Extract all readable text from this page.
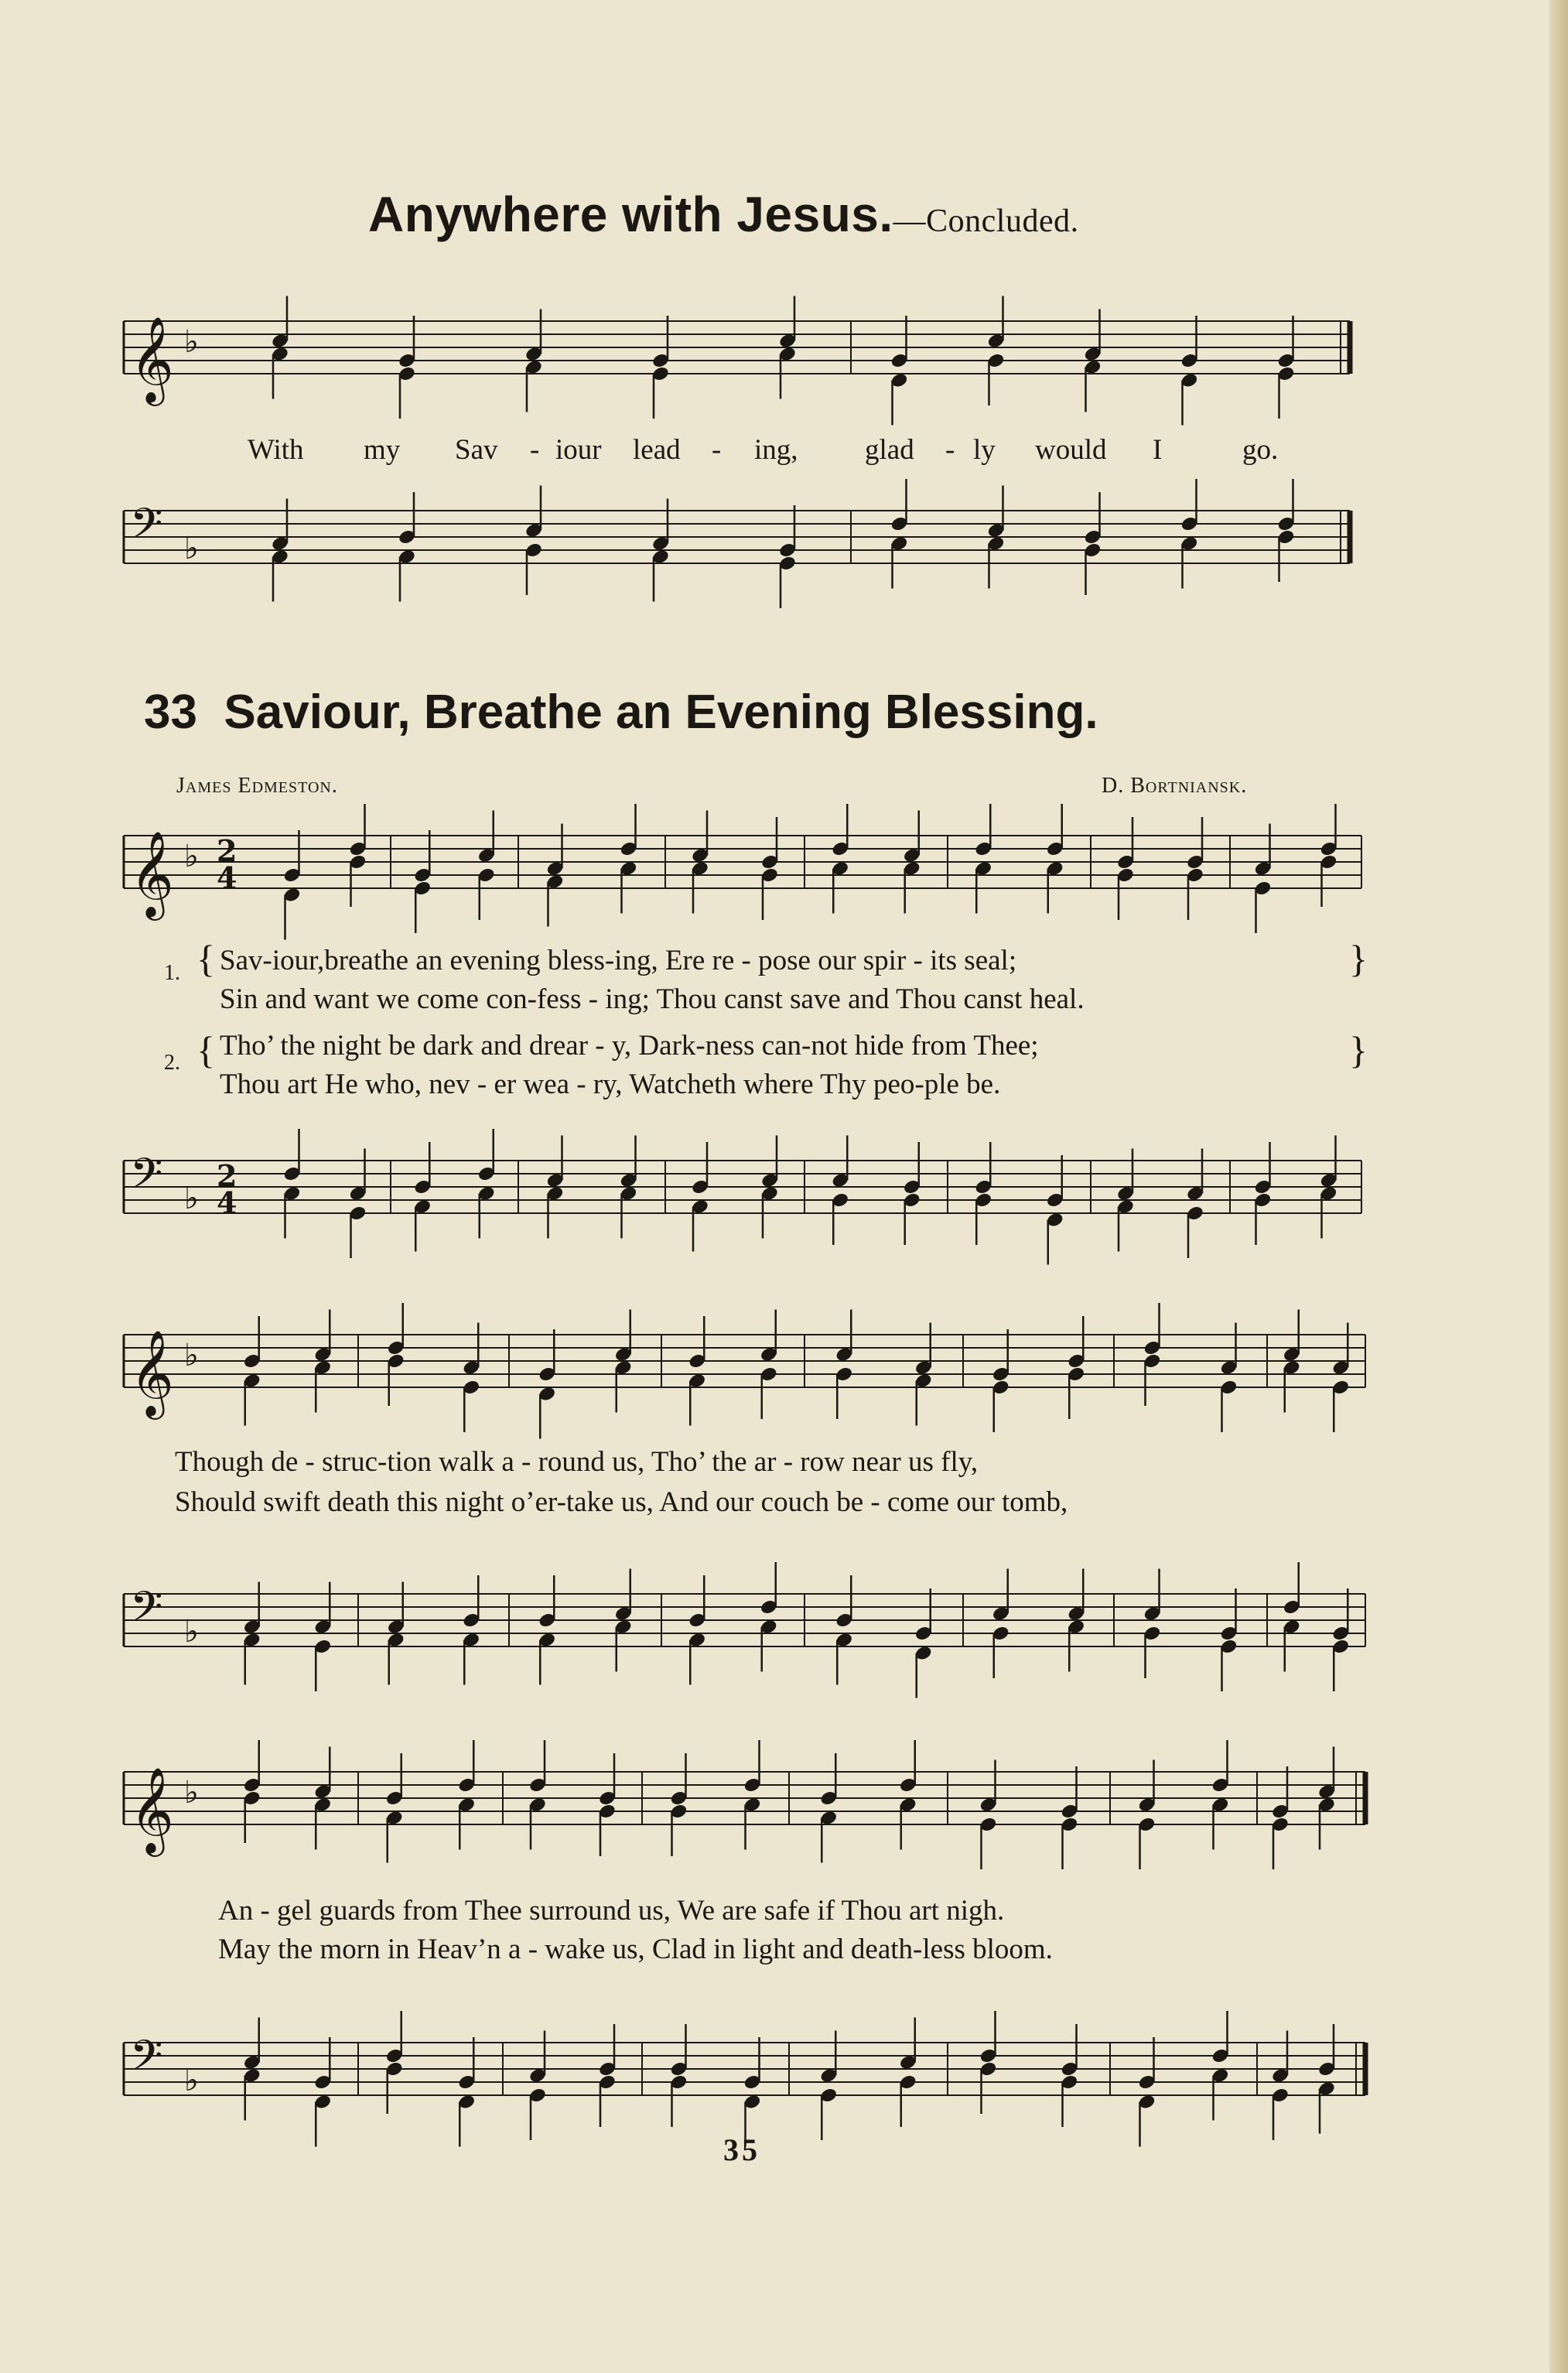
Anywhere with Jesus.—Concluded.
With my Sav - iour lead - ing, glad - ly would I	go.
33 Saviour, Breathe an Evening Blessing.
James Edmeston.	D. Bortniansk.
1. { Sav-iour,breathe an evening bless-ing, Ere re - pose our spir - its seal;
Sin and want we come con-fess - ing; Thou canst save and Thou canst heal.
}
2. { Tho’ the night be dark and drear - y, Dark-ness can-not hide from Thee;
Thou art He who, nev - er wea - ry, Watcheth where Thy peo-ple be.
}
Though de - struc-tion walk a - round us, Tho’ the ar - row near us fly,
Should swift death this night o’er-take us, And our couch be - come our tomb,
An - gel guards from Thee surround us, We are safe if Thou art nigh.
May the morn in Heav’n a - wake us, Clad in light and death-less bloom.
35
𝄞 ♭
𝄢 ♭
𝄞 ♭ 2
4
𝄢 ♭
2
4
𝄞 ♭
𝄢 ♭
𝄞 ♭
𝄢 ♭
